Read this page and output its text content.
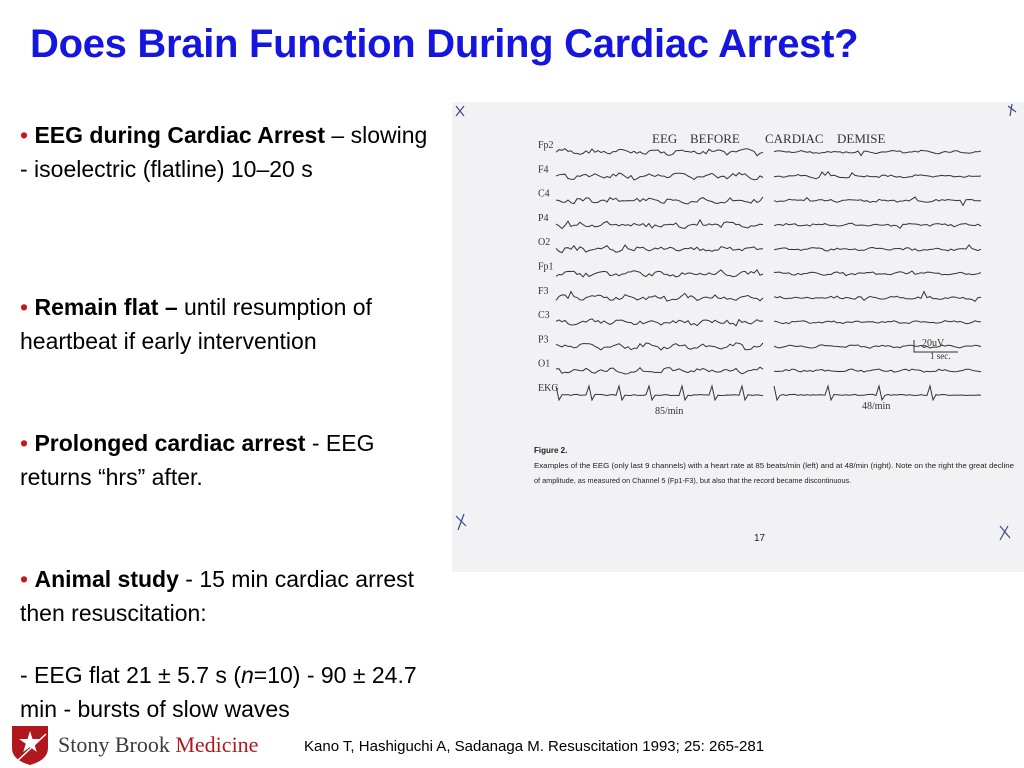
Does Brain Function During Cardiac Arrest?

• EEG during Cardiac Arrest – slowing - isoelectric (flatline) 10–20 s

• Remain flat – until resumption of heartbeat if early intervention

• Prolonged cardiac arrest - EEG returns “hrs” after.

• Animal study - 15 min cardiac arrest then resuscitation:

- EEG flat 21 ± 5.7 s (n=10) - 90 ± 24.7 min - bursts of slow waves

EEG BEFORE CARDIAC DEMISE
Fp2
F4
C4
P4
O2
Fp1
F3
C3
P3
O1
EKG
20uV
1 sec.
85/min	48/min
Figure 2.
Examples of the EEG (only last 9 channels) with a heart rate at 85 beats/min (left) and at 48/min (right). Note on the right the great decline
of amplitude, as measured on Channel 5 (Fp1-F3), but also that the record became discontinuous.
17
Stony Brook Medicine	Kano T, Hashiguchi A, Sadanaga M. Resuscitation 1993; 25: 265-281
